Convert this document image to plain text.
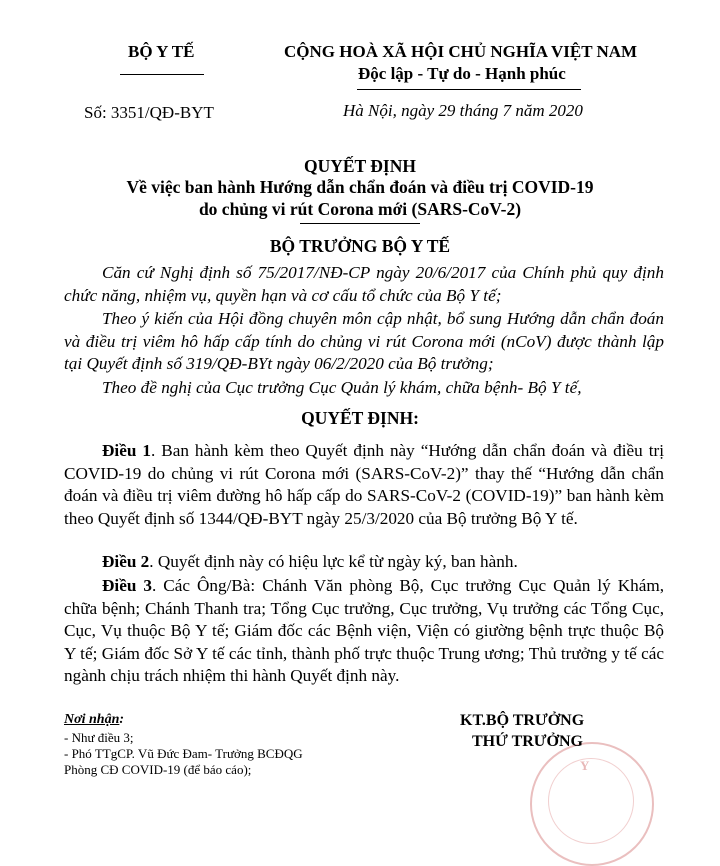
BỘ Y TẾ
Số: 3351/QĐ-BYT
CỘNG HOÀ XÃ HỘI CHỦ NGHĨA VIỆT NAM
Độc lập - Tự do - Hạnh phúc
Hà Nội, ngày 29 tháng 7 năm 2020
QUYẾT ĐỊNH
Về việc ban hành Hướng dẫn chẩn đoán và điều trị COVID-19
do chủng vi rút Corona mới (SARS-CoV-2)
BỘ TRƯỞNG BỘ Y TẾ
Căn cứ Nghị định số 75/2017/NĐ-CP ngày 20/6/2017 của Chính phủ quy định chức năng, nhiệm vụ, quyền hạn và cơ cấu tổ chức của Bộ Y tế;
Theo ý kiến của Hội đồng chuyên môn cập nhật, bổ sung Hướng dẫn chẩn đoán và điều trị viêm hô hấp cấp tính do chủng vi rút Corona mới (nCoV) được thành lập tại Quyết định số 319/QĐ-BYt ngày 06/2/2020 của Bộ trưởng;
Theo đề nghị của Cục trưởng Cục Quản lý khám, chữa bệnh- Bộ Y tế,
QUYẾT ĐỊNH:
Điều 1. Ban hành kèm theo Quyết định này “Hướng dẫn chẩn đoán và điều trị COVID-19 do chủng vi rút Corona mới (SARS-CoV-2)” thay thế “Hướng dẫn chẩn đoán và điều trị viêm đường hô hấp cấp do SARS-CoV-2 (COVID-19)” ban hành kèm theo Quyết định số 1344/QĐ-BYT ngày 25/3/2020 của Bộ trưởng Bộ Y tế.
Điều 2. Quyết định này có hiệu lực kể từ ngày ký, ban hành.
Điều 3. Các Ông/Bà: Chánh Văn phòng Bộ, Cục trưởng Cục Quản lý Khám, chữa bệnh; Chánh Thanh tra; Tổng Cục trưởng, Cục trưởng, Vụ trưởng các Tổng Cục, Cục, Vụ thuộc Bộ Y tế; Giám đốc các Bệnh viện, Viện có giường bệnh trực thuộc Bộ Y tế; Giám đốc Sở Y tế các tỉnh, thành phố trực thuộc Trung ương; Thủ trưởng y tế các ngành chịu trách nhiệm thi hành Quyết định này.
Nơi nhận:
- Như điều 3;
- Phó TTgCP. Vũ Đức Đam- Trưởng BCĐQG
Phòng CĐ COVID-19 (để báo cáo);	Y
KT.BỘ TRƯỞNG
THỨ TRƯỞNG
